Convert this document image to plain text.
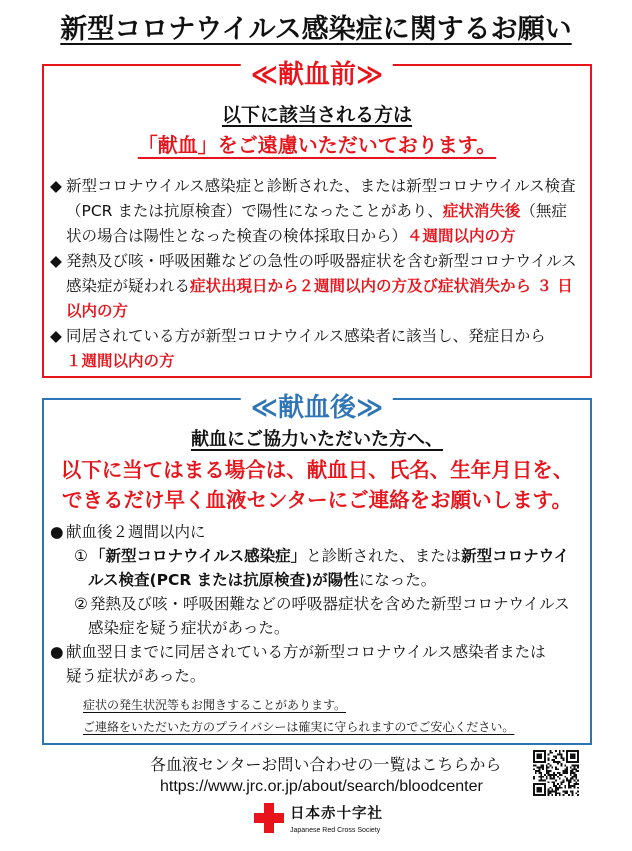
新型コロナウイルス感染症に関するお願い
≪献血前≫
以下に該当される方は
「献血」をご遠慮いただいております。
◆ 新型コロナウイルス感染症と診断された、または新型コロナウイルス検査
（PCR または抗原検査）で陽性になったことがあり、症状消失後（無症
状の場合は陽性となった検査の検体採取日から）４週間以内の方
◆ 発熱及び咳・呼吸困難などの急性の呼吸器症状を含む新型コロナウイルス
感染症が疑われる症状出現日から２週間以内の方及び症状消失から ３ 日
以内の方
◆ 同居されている方が新型コロナウイルス感染者に該当し、発症日から
１週間以内の方
≪献血後≫
献血にご協力いただいた方へ、
以下に当てはまる場合は、献血日、氏名、生年月日を、
できるだけ早く血液センターにご連絡をお願いします。
● 献血後２週間以内に
① 「新型コロナウイルス感染症」と診断された、または新型コロナウイ
ルス検査(PCR または抗原検査)が陽性になった。
② 発熱及び咳・呼吸困難などの呼吸器症状を含めた新型コロナウイルス
感染症を疑う症状があった。
● 献血翌日までに同居されている方が新型コロナウイルス感染者または
疑う症状があった。
症状の発生状況等もお聞きすることがあります。
ご連絡をいただいた方のプライバシーは確実に守られますのでご安心ください。
各血液センターお問い合わせの一覧はこちらから
https://www.jrc.or.jp/about/search/bloodcenter
日本赤十字社
Japanese Red Cross Society
